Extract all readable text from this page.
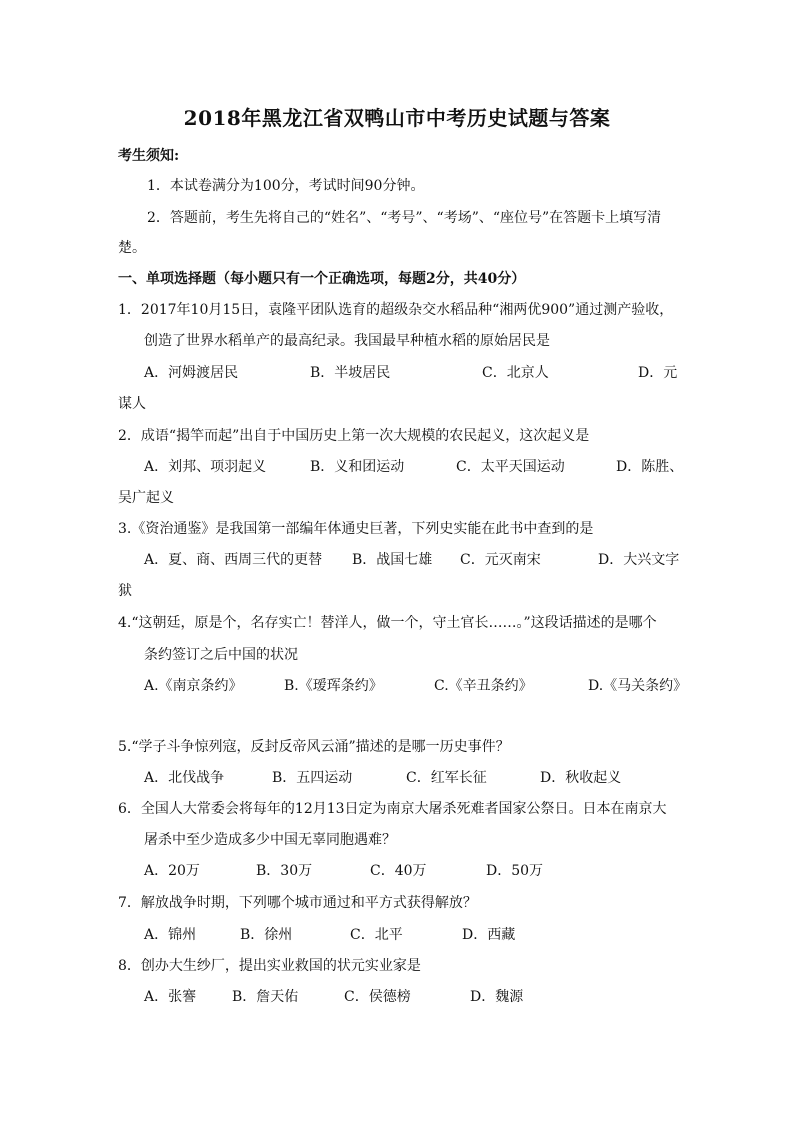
2018年黑龙江省双鸭山市中考历史试题与答案
考生须知:
1．本试卷满分为100分，考试时间90分钟。
2．答题前，考生先将自己的“姓名”、“考号”、“考场”、“座位号”在答题卡上填写清
楚。
一、单项选择题（每小题只有一个正确选项，每题2分，共40分）
1．2017年10月15日，袁隆平团队选育的超级杂交水稻品种“湘两优900”通过测产验收，
创造了世界水稻单产的最高纪录。我国最早种植水稻的原始居民是
A．河姆渡居民	B．半坡居民	C．北京人	D．元
谋人
2．成语“揭竿而起”出自于中国历史上第一次大规模的农民起义，这次起义是
A．刘邦、项羽起义	B．义和团运动	C．太平天国运动	D．陈胜、
吴广起义
3.《资治通鉴》是我国第一部编年体通史巨著，下列史实能在此书中查到的是
A．夏、商、西周三代的更替 B．战国七雄 C．元灭南宋	D．大兴文字
狱
4.“这朝廷，原是个，名存实亡！替洋人，做一个，守土官长……。”这段话描述的是哪个
条约签订之后中国的状况
A.《南京条约》	B.《瑷珲条约》	C.《辛丑条约》	D.《马关条约》
5.“学子斗争惊列寇，反封反帝风云涌”描述的是哪一历史事件？
A．北伐战争	B．五四运动	C．红军长征	D．秋收起义
6．全国人大常委会将每年的12月13日定为南京大屠杀死难者国家公祭日。日本在南京大
屠杀中至少造成多少中国无辜同胞遇难？
A．20万	B．30万	C．40万	D．50万
7．解放战争时期，下列哪个城市通过和平方式获得解放？
A．锦州	B．徐州	C．北平	D．西藏
8．创办大生纱厂，提出实业救国的状元实业家是
A．张謇	B．詹天佑	C．侯德榜	D．魏源
